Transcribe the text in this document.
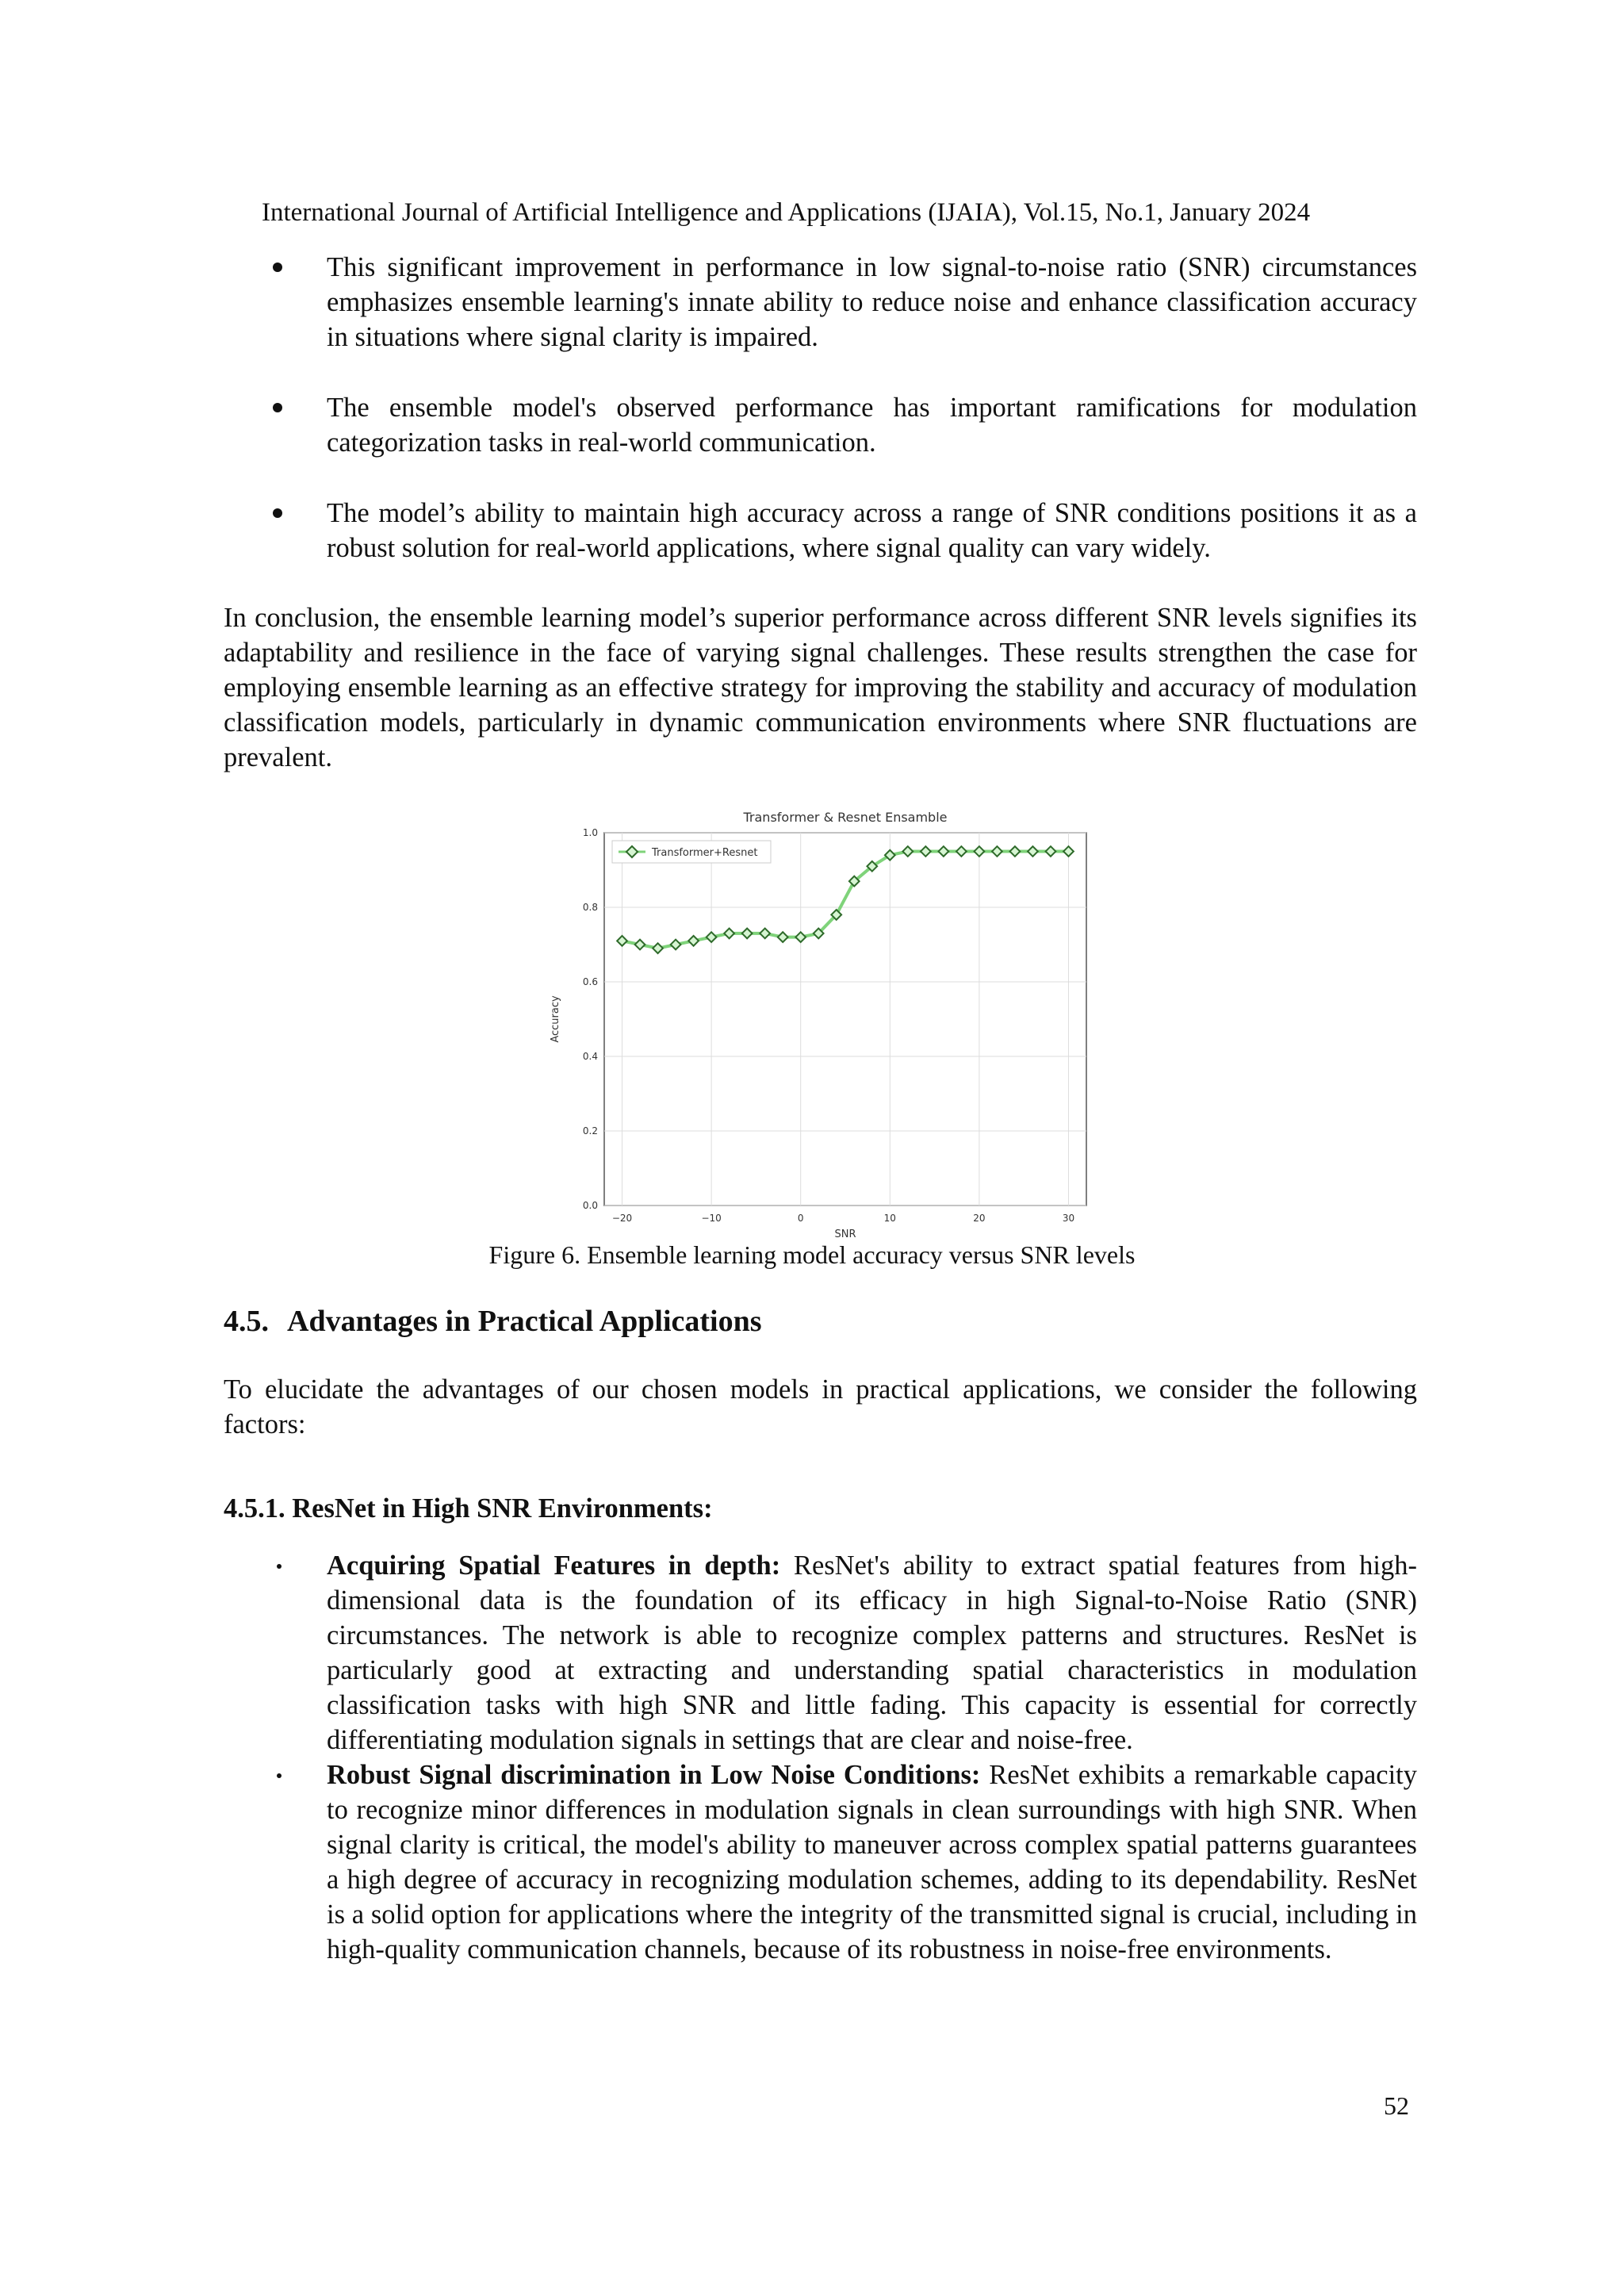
International Journal of Artificial Intelligence and Applications (IJAIA), Vol.15, No.1, January 2024
This significant improvement in performance in low signal-to-noise ratio (SNR) circumstances emphasizes ensemble learning's innate ability to reduce noise and enhance classification accuracy in situations where signal clarity is impaired.
The ensemble model's observed performance has important ramifications for modulation categorization tasks in real-world communication.
The model’s ability to maintain high accuracy across a range of SNR conditions positions it as a robust solution for real-world applications, where signal quality can vary widely.
In conclusion, the ensemble learning model’s superior performance across different SNR levels signifies its adaptability and resilience in the face of varying signal challenges. These results strengthen the case for employing ensemble learning as an effective strategy for improving the stability and accuracy of modulation classification models, particularly in dynamic communication environments where SNR fluctuations are prevalent.
Transformer & Resnet Ensamble
0.0
0.2
0.4
0.6
0.8
1.0
−20	−10	0	10	20	30
SNR
Accuracy
Transformer+Resnet
Figure 6. Ensemble learning model accuracy versus SNR levels
4.5. Advantages in Practical Applications
To elucidate the advantages of our chosen models in practical applications, we consider the following factors:
4.5.1. ResNet in High SNR Environments:
Acquiring Spatial Features in depth: ResNet's ability to extract spatial features from high-dimensional data is the foundation of its efficacy in high Signal-to-Noise Ratio (SNR) circumstances. The network is able to recognize complex patterns and structures. ResNet is particularly good at extracting and understanding spatial characteristics in modulation classification tasks with high SNR and little fading. This capacity is essential for correctly differentiating modulation signals in settings that are clear and noise-free.
Robust Signal discrimination in Low Noise Conditions: ResNet exhibits a remarkable capacity to recognize minor differences in modulation signals in clean surroundings with high SNR. When signal clarity is critical, the model's ability to maneuver across complex spatial patterns guarantees a high degree of accuracy in recognizing modulation schemes, adding to its dependability. ResNet is a solid option for applications where the integrity of the transmitted signal is crucial, including in high-quality communication channels, because of its robustness in noise-free environments.
52
